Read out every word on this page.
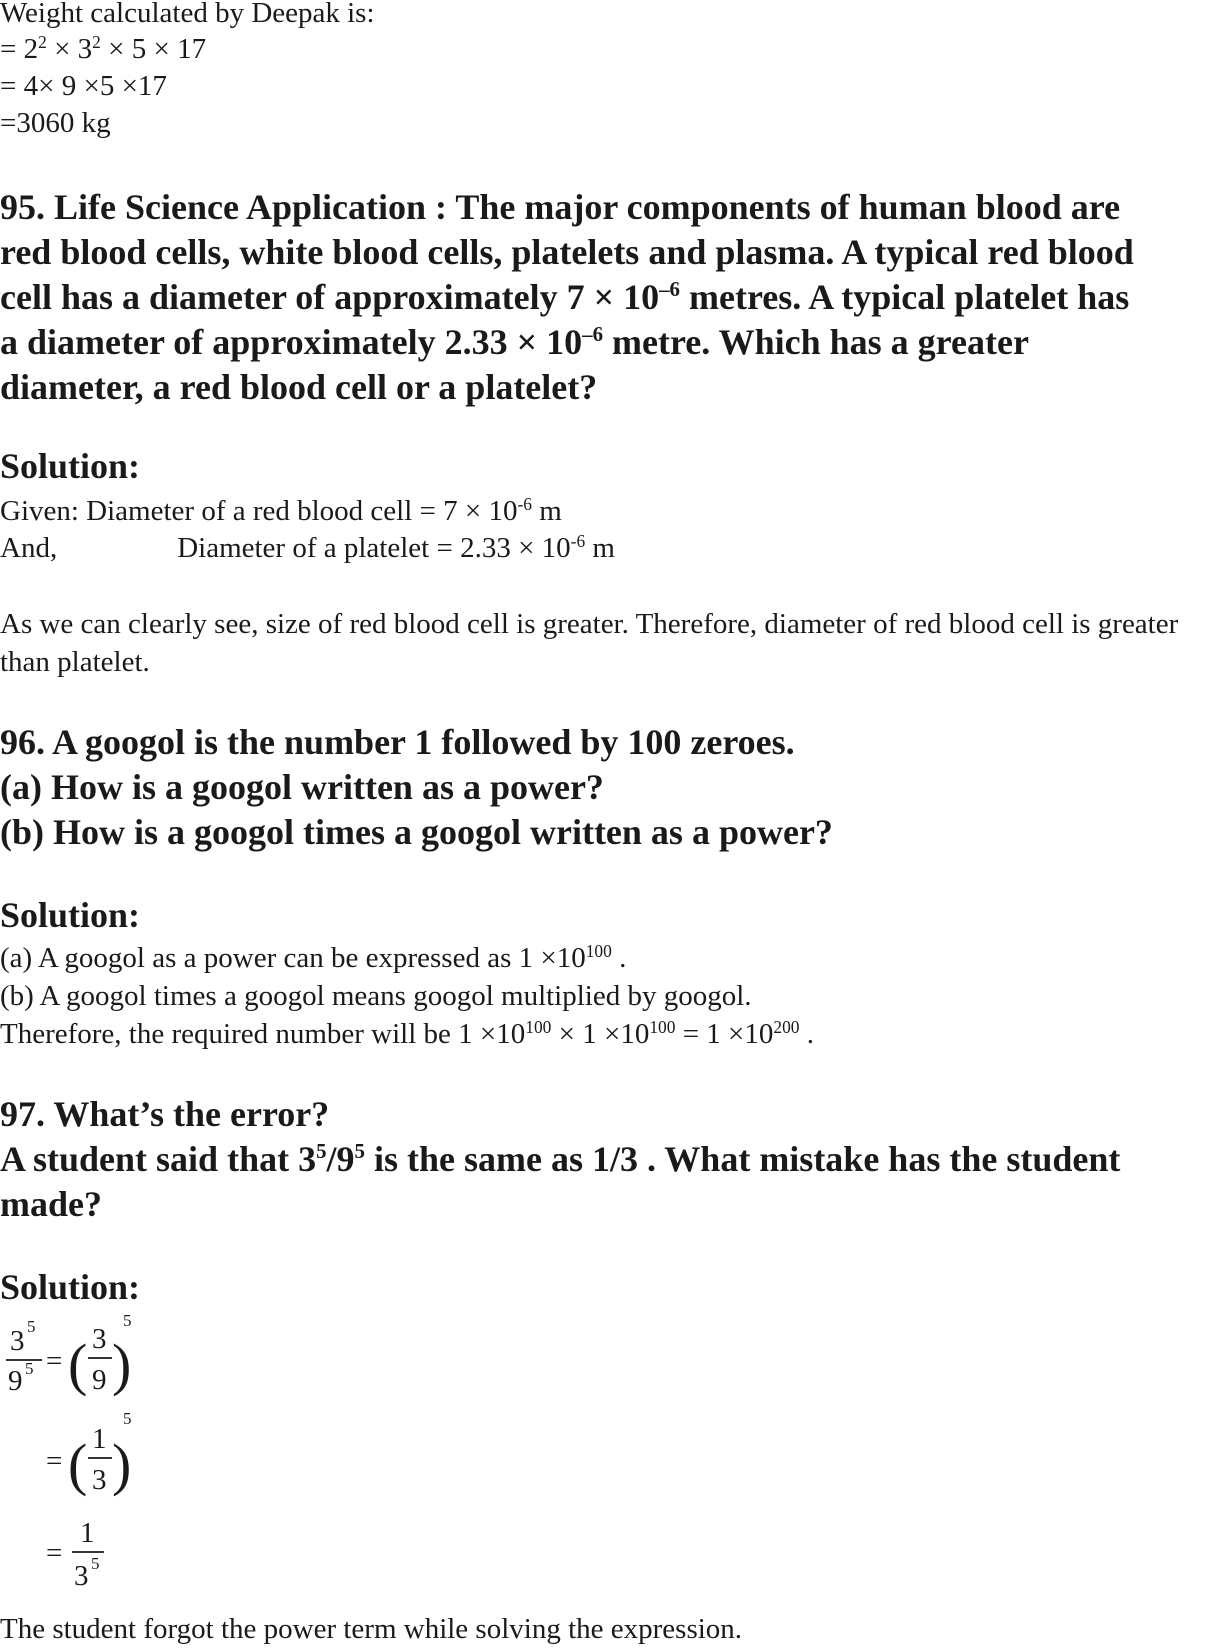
Weight calculated by Deepak is:
= $2^2 \times 3^2 \times 5 \times 17$
= 4× 9 ×5 ×17
=3060 kg
95. Life Science Application : The major components of human blood are
red blood cells, white blood cells, platelets and plasma. A typical red blood
cell has a diameter of approximately $7 \times 10^{-6}$ metres. A typical platelet has
a diameter of approximately $2.33 \times 10^{-6}$ metre. Which has a greater
diameter, a red blood cell or a platelet?
Solution:
Given: Diameter of a red blood cell = $7 \times 10^{-6}$ m
And,	Diameter of a platelet = $2.33 \times 10^{-6}$ m
As we can clearly see, size of red blood cell is greater. Therefore, diameter of red blood cell is greater than platelet.
96. A googol is the number 1 followed by 100 zeroes.
(a) How is a googol written as a power?
(b) How is a googol times a googol written as a power?
Solution:
(a) A googol as a power can be expressed as $1 \times 10^{100}$ .
(b) A googol times a googol means googol multiplied by googol.
Therefore, the required number will be $1 \times 10^{100} \times 1 \times 10^{100} = 1 \times 10^{200}$ .
97. What’s the error?
A student said that $3^5/9^5$ is the same as 1/3 . What mistake has the student
made?
Solution:
3 5
9 5 = ( 3
9 )
5
= ( 1
3 )
5
=
1
3 5
The student forgot the power term while solving the expression.
